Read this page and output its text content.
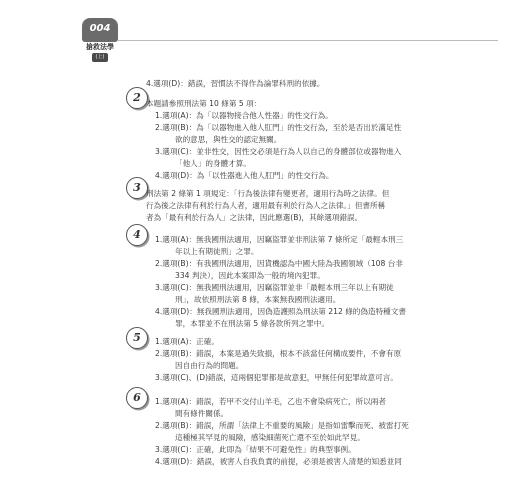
004
搶救法學
(上)
4.選項(D)：錯誤，習慣法不得作為論罪科刑的依據。
2 本題請參照刑法第 10 條第 5 項：
1.選項(A)：為「以器物接合他人性器」的性交行為。
2.選項(B)：為「以器物進入他人肛門」的性交行為，至於是否出於滿足性
欲的意思，與性交的認定無關。
3.選項(C)：並非性交，因性交必須是行為人以自己的身體部位或器物進入
「他人」的身體才算。
4.選項(D)：為「以性器進入他人肛門」的性交行為。
3 刑法第 2 條第 1 項規定：「行為後法律有變更者，適用行為時之法律。但
行為後之法律有利於行為人者，適用最有利於行為人之法律。」但書所稱
者為「最有利於行為人」之法律，因此應選(B)，其餘選項錯誤。
4	1.選項(A)：無我國刑法適用，因竊盜罪並非刑法第 7 條所定「最輕本刑三
年以上有期徒刑」之罪。
2.選項(B)：有我國刑法適用，因貨機認為中國大陸為我國領域（108 台非
334 判決），因此本案即為一般的境內犯罪。
3.選項(C)：無我國刑法適用，因竊盜罪並非「最輕本刑三年以上有期徒
刑」，故依照刑法第 8 條，本案無我國刑法適用。
4.選項(D)：無我國刑法適用，因偽造護照為刑法第 212 條的偽造特種文書
罪，本罪並不在刑法第 5 條各款所列之罪中。
5	1.選項(A)：正確。
2.選項(B)：錯誤，本案是過失致損，根本不該當任何構成要件，不會有原
因自由行為的問題。
3.選項(C)、(D)錯誤，這兩個犯罪都是故意犯，甲無任何犯罪故意可言。
6	1.選項(A)：錯誤，若甲不交付山羊毛，乙也不會染病死亡，所以兩者
間有條件關係。
2.選項(B)：錯誤，所謂「法律上不重要的風險」是指如雷擊而死、被雷打死
這種極其罕見的風險，感染細菌死亡還不至於如此罕見。
3.選項(C)：正確，此即為「結果不可避免性」的典型事例。
4.選項(D)：錯誤，被害人自我負責的前提，必須是被害人清楚的知悉並同
